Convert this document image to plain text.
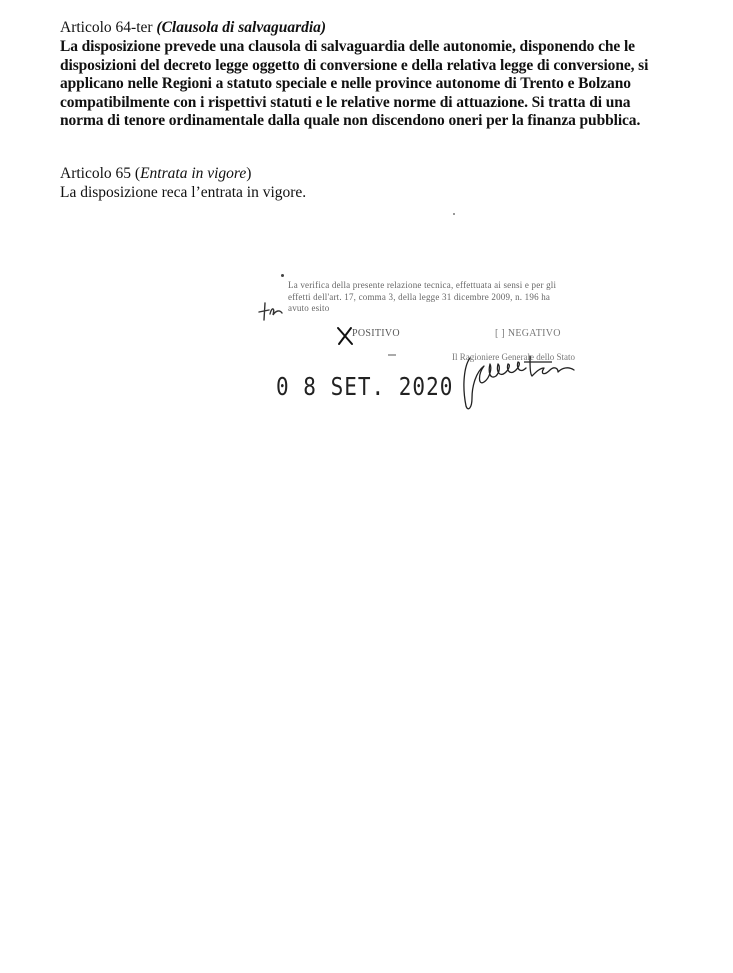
Articolo 64-ter (Clausola di salvaguardia)

La disposizione prevede una clausola di salvaguardia delle autonomie, disponendo che le
disposizioni del decreto legge oggetto di conversione e della relativa legge di conversione, si
applicano nelle Regioni a statuto speciale e nelle province autonome di Trento e Bolzano
compatibilmente con i rispettivi statuti e le relative norme di attuazione. Si tratta di una
norma di tenore ordinamentale dalla quale non discendono oneri per la finanza pubblica.

Articolo 65 (Entrata in vigore)

La disposizione reca l’entrata in vigore.

La verifica della presente relazione tecnica, effettuata ai sensi e per gli
effetti dell'art. 17, comma 3, della legge 31 dicembre 2009, n. 196 ha
avuto esito
POSITIVO	[ ] NEGATIVO
Il Ragioniere Generale dello Stato
0 8 SET. 2020
